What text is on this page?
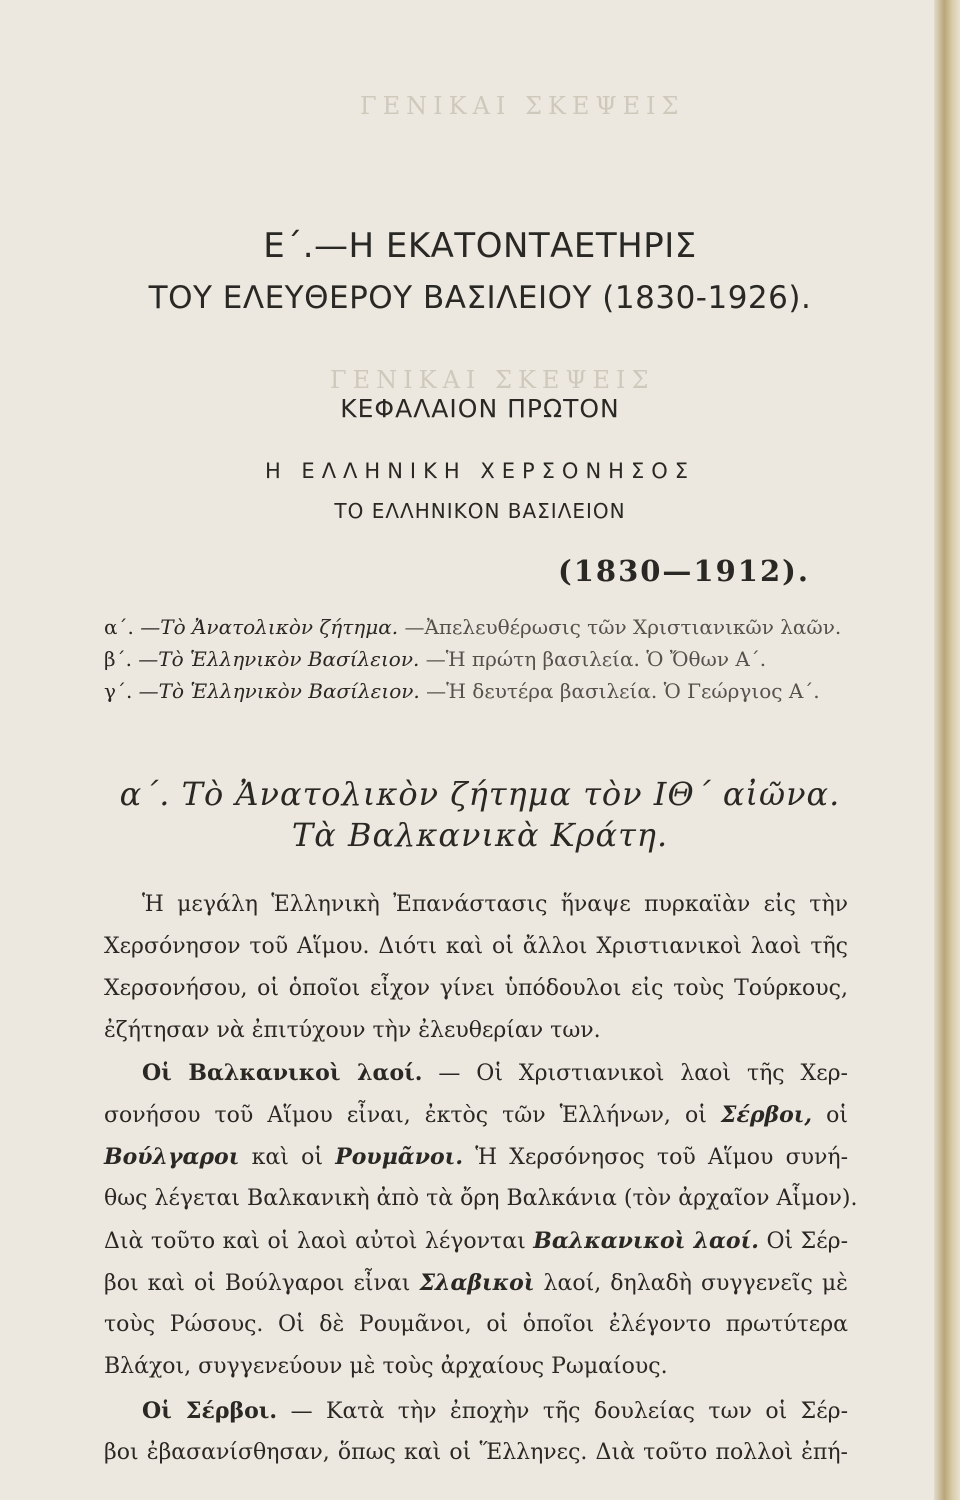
ΓΕΝΙΚΑΙ ΣΚΕΨΕΙΣ
ΓΕΝΙΚΑΙ ΣΚΕΨΕΙΣ
Ε΄.—Η ΕΚΑΤΟΝΤΑΕΤΗΡΙΣ
ΤΟΥ ΕΛΕΥΘΕΡΟΥ ΒΑΣΙΛΕΙΟΥ (1830-1926).
ΚΕΦΑΛΑΙΟΝ ΠΡΩΤΟΝ
Η ΕΛΛΗΝΙΚΗ ΧΕΡΣΟΝΗΣΟΣ
ΤΟ ΕΛΛΗΝΙΚΟΝ ΒΑΣΙΛΕΙΟΝ
(1830—1912).
α΄. —Τὸ Ἀνατολικὸν ζήτημα. —Ἀπελευθέρωσις τῶν Χριστιανικῶν λαῶν.
β΄. —Τὸ Ἑλληνικὸν Βασίλειον. —Ἡ πρώτη βασιλεία. Ὁ Ὄθων Α΄.
γ΄. —Τὸ Ἑλληνικὸν Βασίλειον. —Ἡ δευτέρα βασιλεία. Ὁ Γεώργιος Α΄.
α΄. Τὸ Ἀνατολικὸν ζήτημα τὸν ΙΘ΄ αἰῶνα.
Τὰ Βαλκανικὰ Κράτη.
Ἡ μεγάλη Ἑλληνικὴ Ἐπανάστασις ἥναψε πυρκαϊὰν εἰς τὴν
Χερσόνησον τοῦ Αἵμου. Διότι καὶ οἱ ἄλλοι Χριστιανικοὶ λαοὶ τῆς
Χερσονήσου, οἱ ὁποῖοι εἶχον γίνει ὑπόδουλοι εἰς τοὺς Τούρκους,
ἐζήτησαν νὰ ἐπιτύχουν τὴν ἐλευθερίαν των.
Οἱ Βαλκανικοὶ λαοί. — Οἱ Χριστιανικοὶ λαοὶ τῆς Χερ-
σονήσου τοῦ Αἵμου εἶναι, ἐκτὸς τῶν Ἑλλήνων, οἱ Σέρβοι, οἱ
Βούλγαροι καὶ οἱ Ρουμᾶνοι. Ἡ Χερσόνησος τοῦ Αἵμου συνή-
θως λέγεται Βαλκανικὴ ἀπὸ τὰ ὄρη Βαλκάνια (τὸν ἀρχαῖον Αἷμον).
Διὰ τοῦτο καὶ οἱ λαοὶ αὐτοὶ λέγονται Βαλκανικοὶ λαοί. Οἱ Σέρ-
βοι καὶ οἱ Βούλγαροι εἶναι Σλαβικοὶ λαοί, δηλαδὴ συγγενεῖς μὲ
τοὺς Ρώσους. Οἱ δὲ Ρουμᾶνοι, οἱ ὁποῖοι ἐλέγοντο πρωτύτερα
Βλάχοι, συγγενεύουν μὲ τοὺς ἀρχαίους Ρωμαίους.
Οἱ Σέρβοι. — Κατὰ τὴν ἐποχὴν τῆς δουλείας των οἱ Σέρ-
βοι ἐβασανίσθησαν, ὅπως καὶ οἱ Ἕλληνες. Διὰ τοῦτο πολλοὶ ἐπή-
